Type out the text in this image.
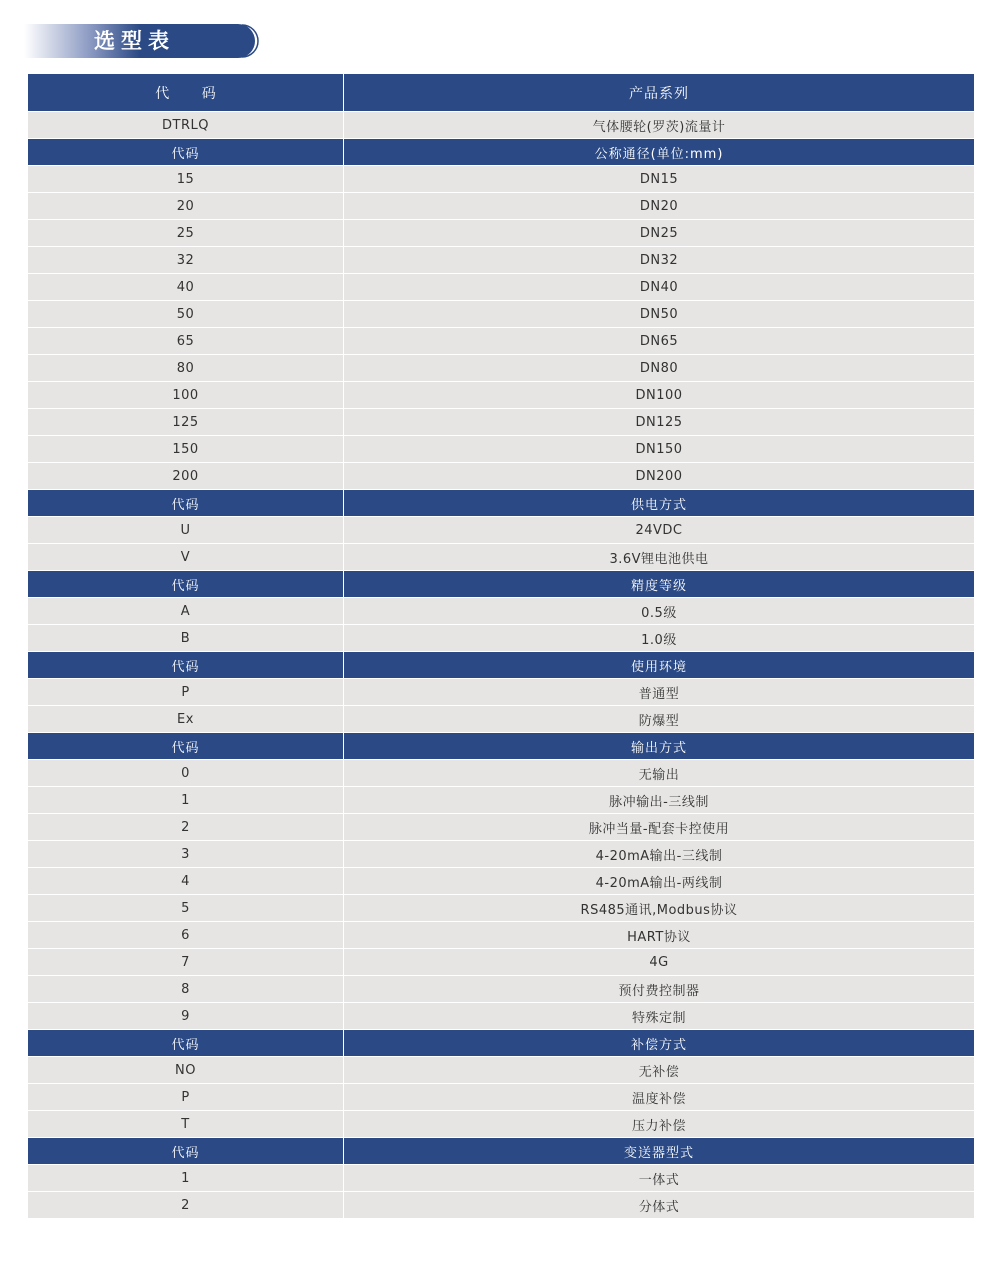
选型表
代 码	产品系列
DTRLQ	气体腰轮(罗茨)流量计
代码	公称通径(单位:mm)
15	DN15
20	DN20
25	DN25
32	DN32
40	DN40
50	DN50
65	DN65
80	DN80
100	DN100
125	DN125
150	DN150
200	DN200
代码	供电方式
U	24VDC
V	3.6V锂电池供电
代码	精度等级
A	0.5级
B	1.0级
代码	使用环境
P	普通型
Ex	防爆型
代码	输出方式
0	无输出
1	脉冲输出-三线制
2	脉冲当量-配套卡控使用
3	4-20mA输出-三线制
4	4-20mA输出-两线制
5	RS485通讯,Modbus协议
6	HART协议
7	4G
8	预付费控制器
9	特殊定制
代码	补偿方式
NO	无补偿
P	温度补偿
T	压力补偿
代码	变送器型式
1	一体式
2	分体式
